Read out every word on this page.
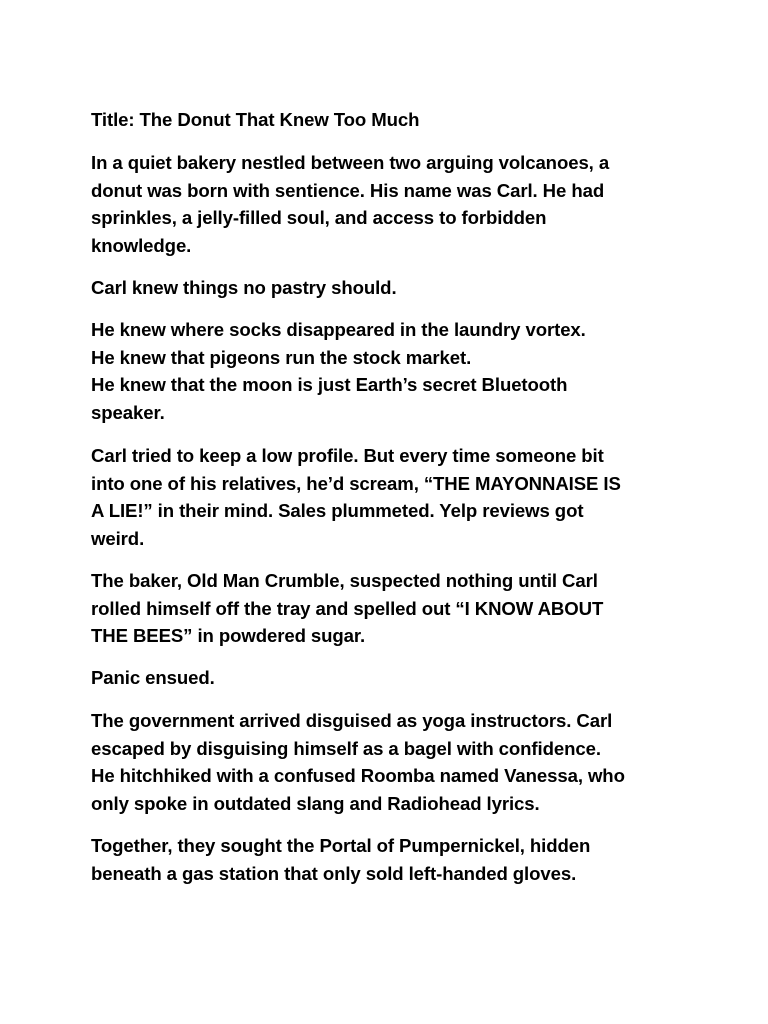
Title: The Donut That Knew Too Much

In a quiet bakery nestled between two arguing volcanoes, a
donut was born with sentience. His name was Carl. He had
sprinkles, a jelly-filled soul, and access to forbidden
knowledge.

Carl knew things no pastry should.

He knew where socks disappeared in the laundry vortex.
He knew that pigeons run the stock market.
He knew that the moon is just Earth’s secret Bluetooth
speaker.

Carl tried to keep a low profile. But every time someone bit
into one of his relatives, he’d scream, “THE MAYONNAISE IS
A LIE!” in their mind. Sales plummeted. Yelp reviews got
weird.

The baker, Old Man Crumble, suspected nothing until Carl
rolled himself off the tray and spelled out “I KNOW ABOUT
THE BEES” in powdered sugar.

Panic ensued.

The government arrived disguised as yoga instructors. Carl
escaped by disguising himself as a bagel with confidence.
He hitchhiked with a confused Roomba named Vanessa, who
only spoke in outdated slang and Radiohead lyrics.

Together, they sought the Portal of Pumpernickel, hidden
beneath a gas station that only sold left-handed gloves.
